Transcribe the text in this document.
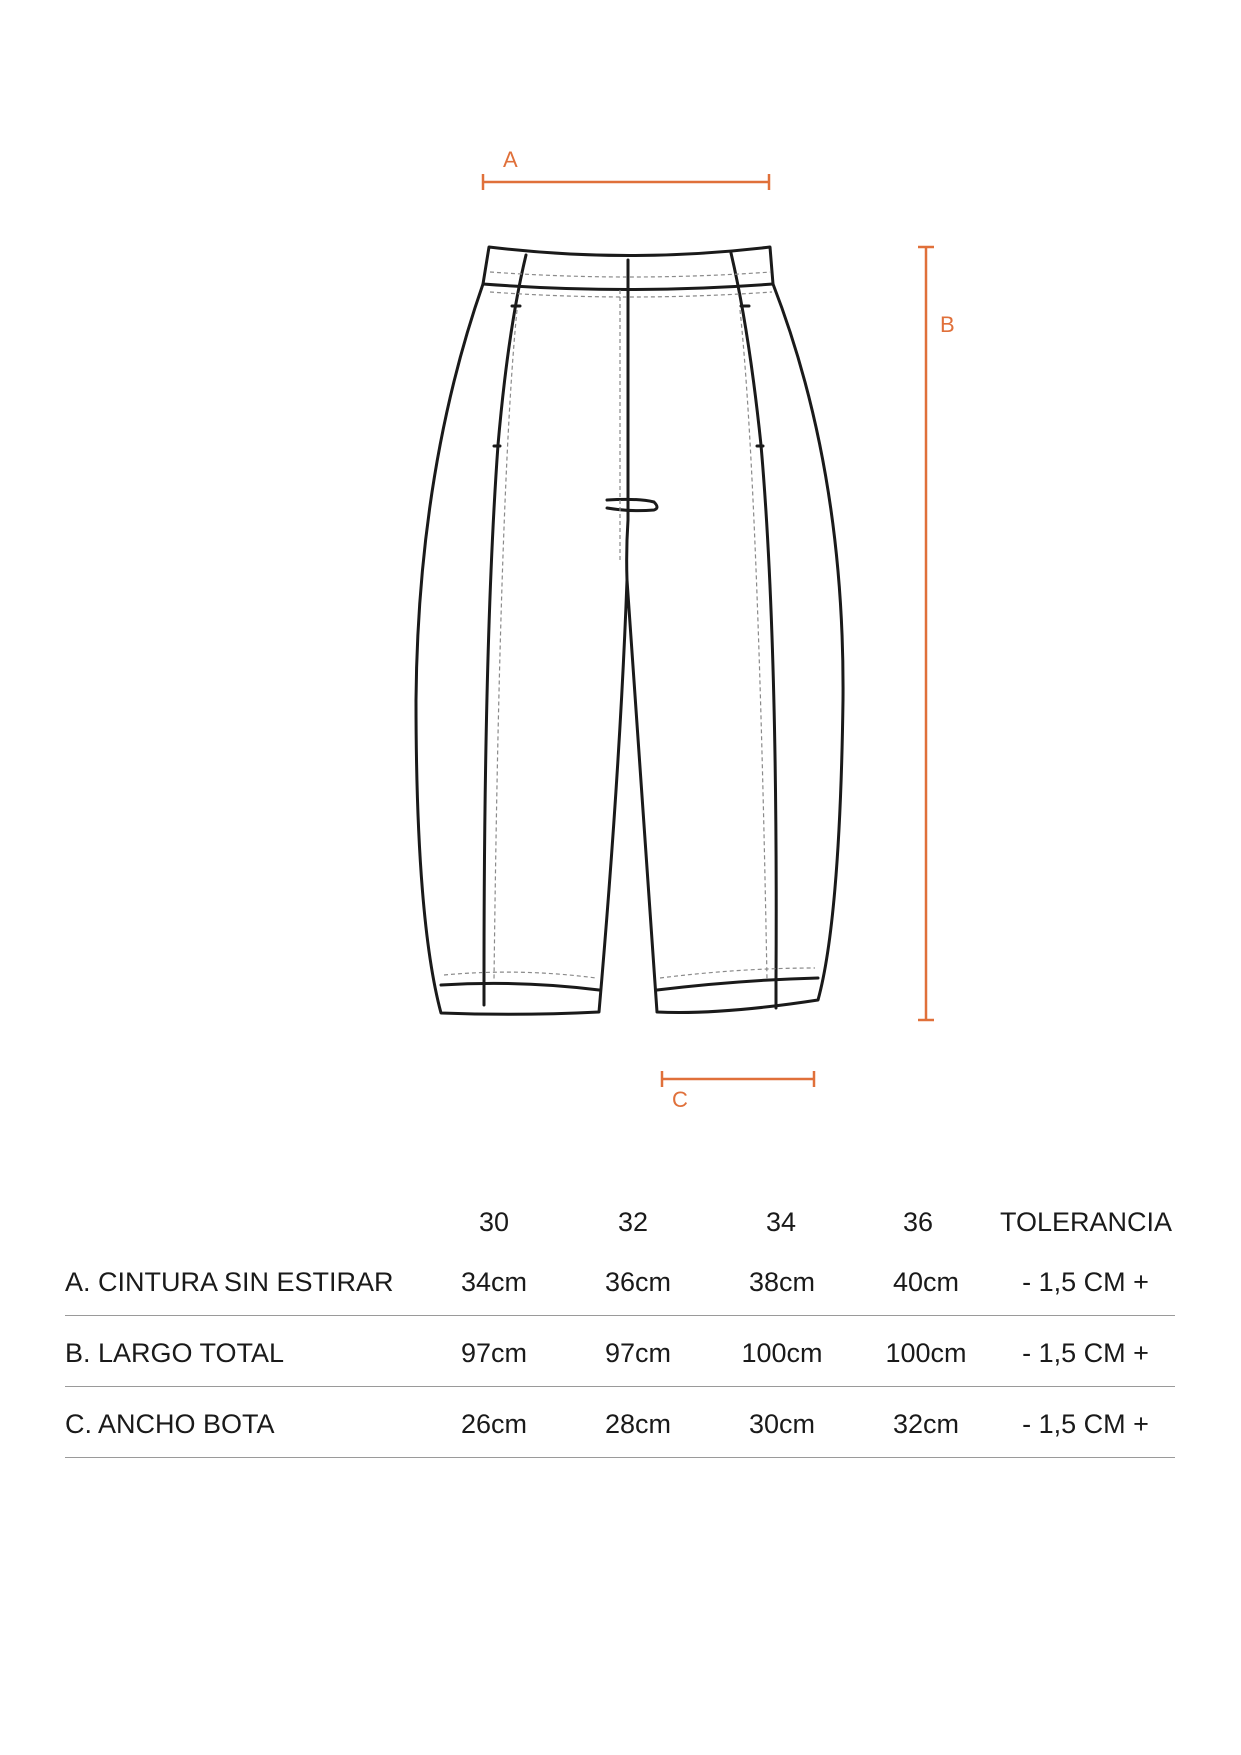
A
B
C
30	32	34	36	TOLERANCIA
A. CINTURA SIN ESTIRAR	34cm	36cm	38cm	40cm	- 1,5 CM +
B. LARGO TOTAL	97cm	97cm	100cm	100cm	- 1,5 CM +
C. ANCHO BOTA	26cm	28cm	30cm	32cm	- 1,5 CM +
